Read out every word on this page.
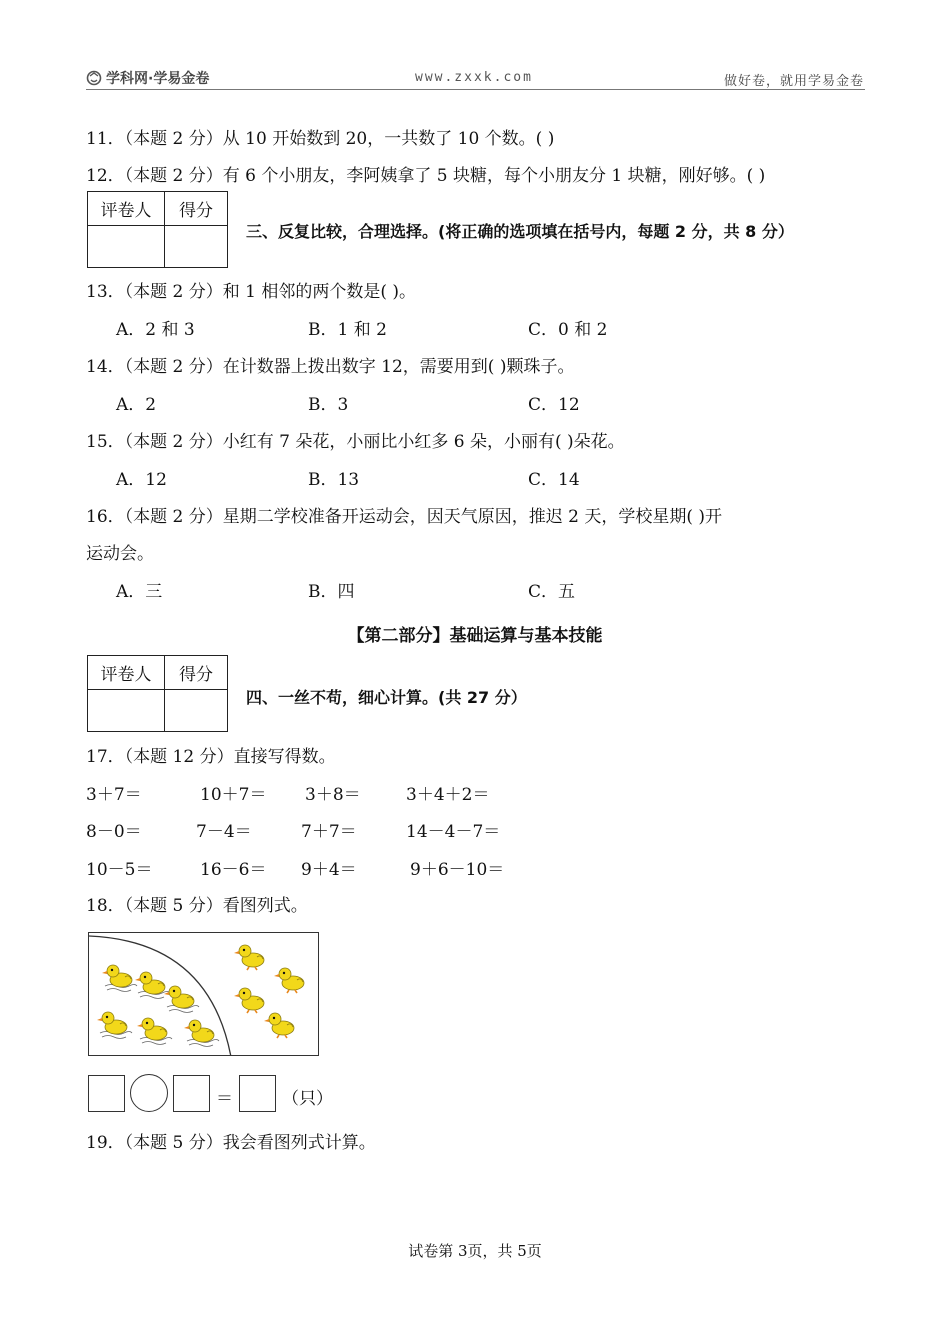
学科网·学易金卷	www.zxxk.com	做好卷，就用学易金卷
11．（本题 2 分）从 10 开始数到 20，一共数了 10 个数。( )
12．（本题 2 分）有 6 个小朋友，李阿姨拿了 5 块糖，每个小朋友分 1 块糖，刚好够。( )
评卷人	得分

三、反复比较，合理选择。(将正确的选项填在括号内，每题 2 分，共 8 分）
13．（本题 2 分）和 1 相邻的两个数是( )。
A．2 和 3	B．1 和 2	C．0 和 2
14．（本题 2 分）在计数器上拨出数字 12，需要用到( )颗珠子。
A．2	B．3	C．12
15．（本题 2 分）小红有 7 朵花，小丽比小红多 6 朵，小丽有( )朵花。
A．12	B．13	C．14
16．（本题 2 分）星期二学校准备开运动会，因天气原因，推迟 2 天，学校星期( )开
运动会。
A．三	B．四	C．五
【第二部分】基础运算与基本技能
评卷人	得分

四、一丝不苟，细心计算。(共 27 分）
17．（本题 12 分）直接写得数。
3＋7＝	10＋7＝ 3＋8＝	3＋4＋2＝
8－0＝	7－4＝	7＋7＝	14－4－7＝
10－5＝	16－6＝ 9＋4＝	9＋6－10＝
18．（本题 5 分）看图列式。
＝	（只）
19．（本题 5 分）我会看图列式计算。
试卷第 3页，共 5页
